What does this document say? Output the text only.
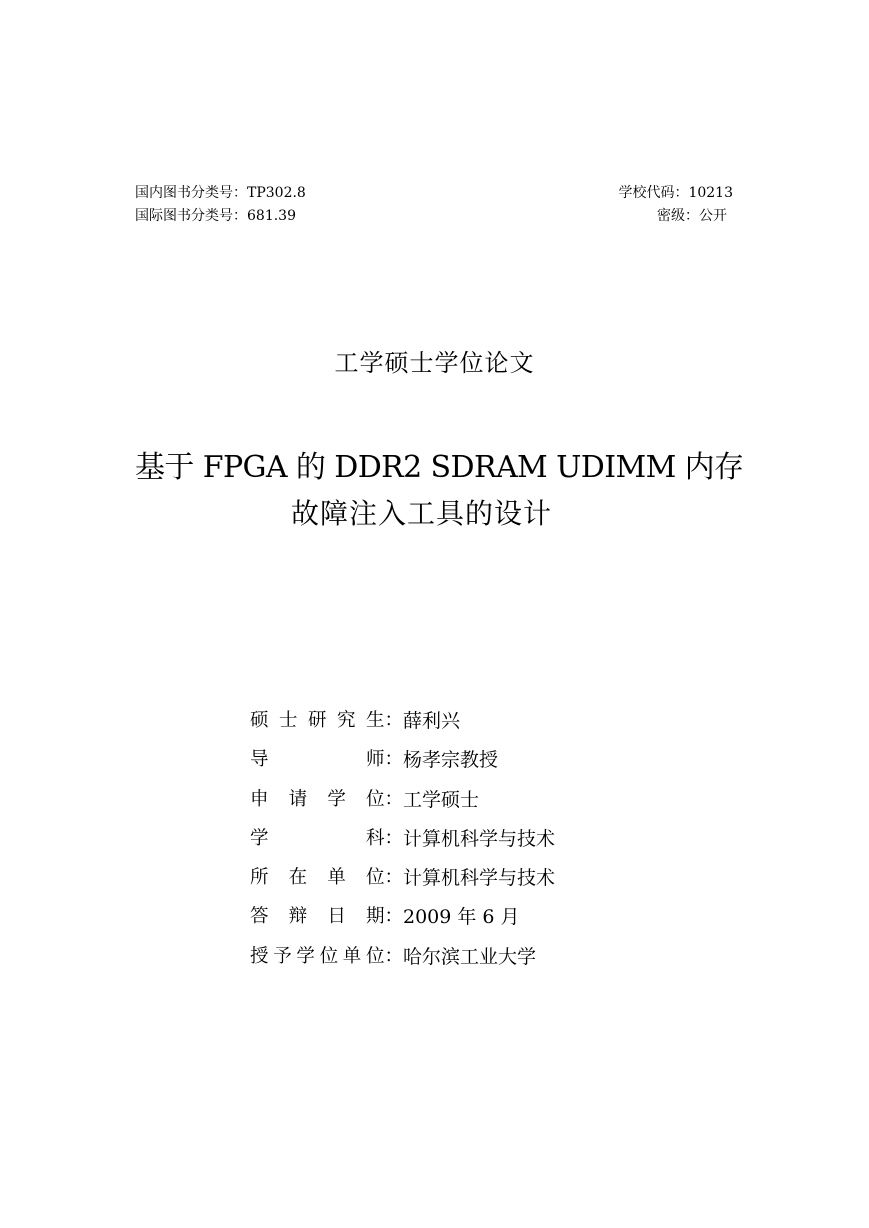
国内图书分类号：TP302.8
国际图书分类号：681.39
学校代码：10213
密级：公开
工学硕士学位论文
基于 FPGA 的 DDR2 SDRAM UDIMM 内存
故障注入工具的设计
硕 士 研 究 生： 薛利兴
导	师： 杨孝宗教授
申 请 学 位： 工学硕士
学	科： 计算机科学与技术
所 在 单 位： 计算机科学与技术
答 辩 日 期： 2009 年 6 月
授 予 学 位 单 位： 哈尔滨工业大学
